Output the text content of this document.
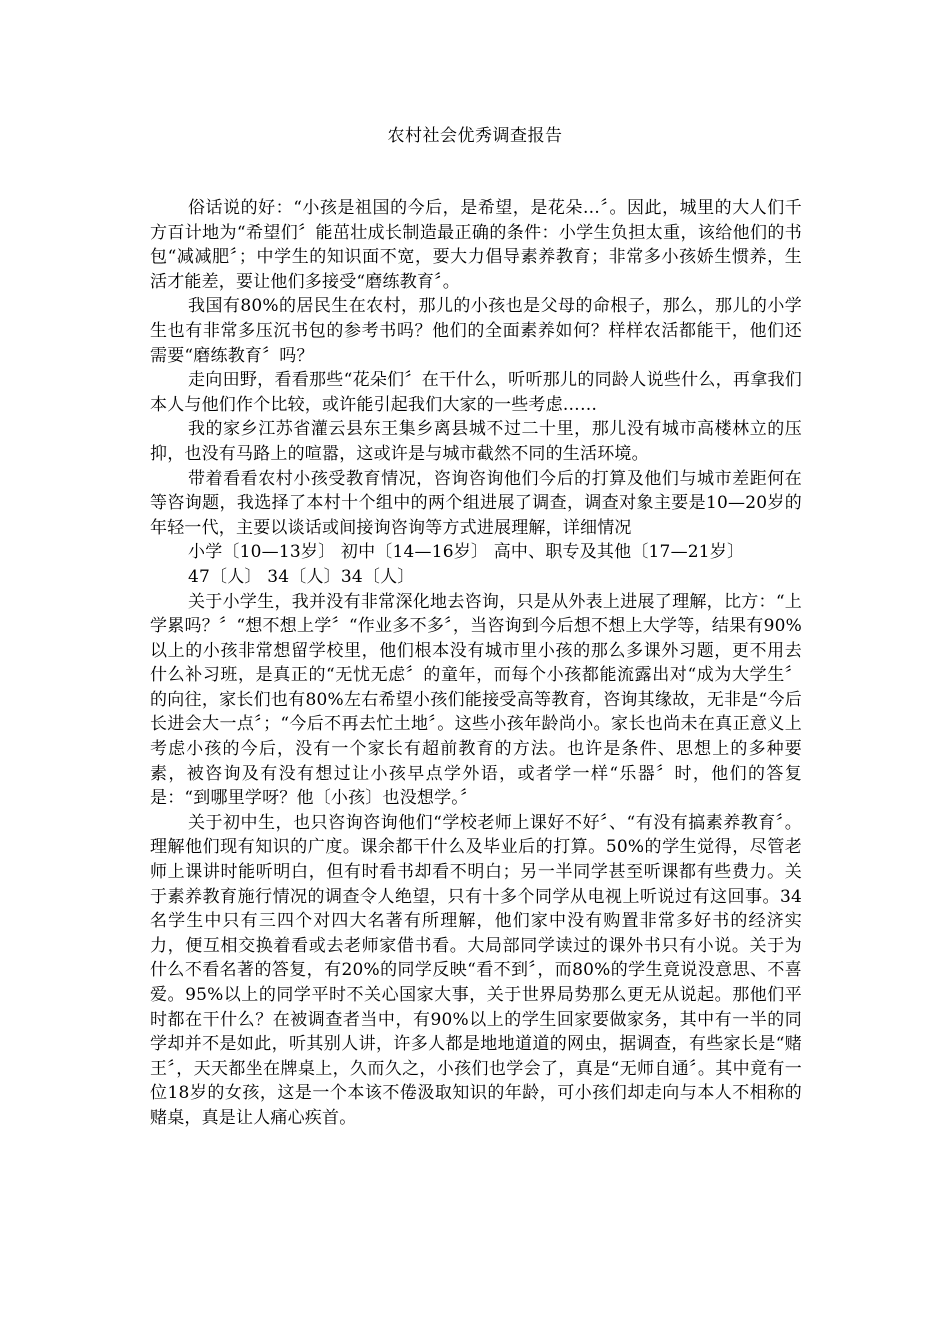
农村社会优秀调查报告

俗话说的好：“小孩是祖国的今后，是希望，是花朵…〞。因此，城里的大人们千方百计地为“希望们〞能茁壮成长制造最正确的条件：小学生负担太重，该给他们的书包“减减肥〞；中学生的知识面不宽，要大力倡导素养教育；非常多小孩娇生惯养，生活才能差，要让他们多接受“磨练教育〞。

我国有80%的居民生在农村，那儿的小孩也是父母的命根子，那么，那儿的小学生也有非常多压沉书包的参考书吗？他们的全面素养如何？样样农活都能干，他们还需要“磨练教育〞吗？

走向田野，看看那些“花朵们〞在干什么，听听那儿的同龄人说些什么，再拿我们本人与他们作个比较，或许能引起我们大家的一些考虑……

我的家乡江苏省灌云县东王集乡离县城不过二十里，那儿没有城市高楼林立的压抑，也没有马路上的喧嚣，这或许是与城市截然不同的生活环境。

带着看看农村小孩受教育情况，咨询咨询他们今后的打算及他们与城市差距何在等咨询题，我选择了本村十个组中的两个组进展了调查，调查对象主要是10—20岁的年轻一代，主要以谈话或间接询咨询等方式进展理解，详细情况

小学〔10—13岁〕 初中〔14—16岁〕 高中、职专及其他〔17—21岁〕
47〔人〕 34〔人〕34〔人〕

关于小学生，我并没有非常深化地去咨询，只是从外表上进展了理解，比方：“上学累吗？〞“想不想上学〞“作业多不多〞，当咨询到今后想不想上大学等，结果有90%以上的小孩非常想留学校里，他们根本没有城市里小孩的那么多课外习题，更不用去什么补习班，是真正的“无忧无虑〞的童年，而每个小孩都能流露出对“成为大学生〞的向往，家长们也有80%左右希望小孩们能接受高等教育，咨询其缘故，无非是“今后长进会大一点〞；“今后不再去忙土地〞。这些小孩年龄尚小。家长也尚未在真正意义上考虑小孩的今后，没有一个家长有超前教育的方法。也许是条件、思想上的多种要素，被咨询及有没有想过让小孩早点学外语，或者学一样“乐器〞时，他们的答复是：“到哪里学呀？他〔小孩〕也没想学。〞

关于初中生，也只咨询咨询他们“学校老师上课好不好〞、“有没有搞素养教育〞。理解他们现有知识的广度。课余都干什么及毕业后的打算。50%的学生觉得，尽管老师上课讲时能听明白，但有时看书却看不明白；另一半同学甚至听课都有些费力。关于素养教育施行情况的调查令人绝望，只有十多个同学从电视上听说过有这回事。34名学生中只有三四个对四大名著有所理解，他们家中没有购置非常多好书的经济实力，便互相交换着看或去老师家借书看。大局部同学读过的课外书只有小说。关于为什么不看名著的答复，有20%的同学反映“看不到〞，而80%的学生竟说没意思、不喜爱。95%以上的同学平时不关心国家大事，关于世界局势那么更无从说起。那他们平时都在干什么？在被调查者当中，有90%以上的学生回家要做家务，其中有一半的同学却并不是如此，听其别人讲，许多人都是地地道道的网虫，据调查，有些家长是“赌王〞，天天都坐在牌桌上，久而久之，小孩们也学会了，真是“无师自通〞。其中竟有一位18岁的女孩，这是一个本该不倦汲取知识的年龄，可小孩们却走向与本人不相称的赌桌，真是让人痛心疾首。
